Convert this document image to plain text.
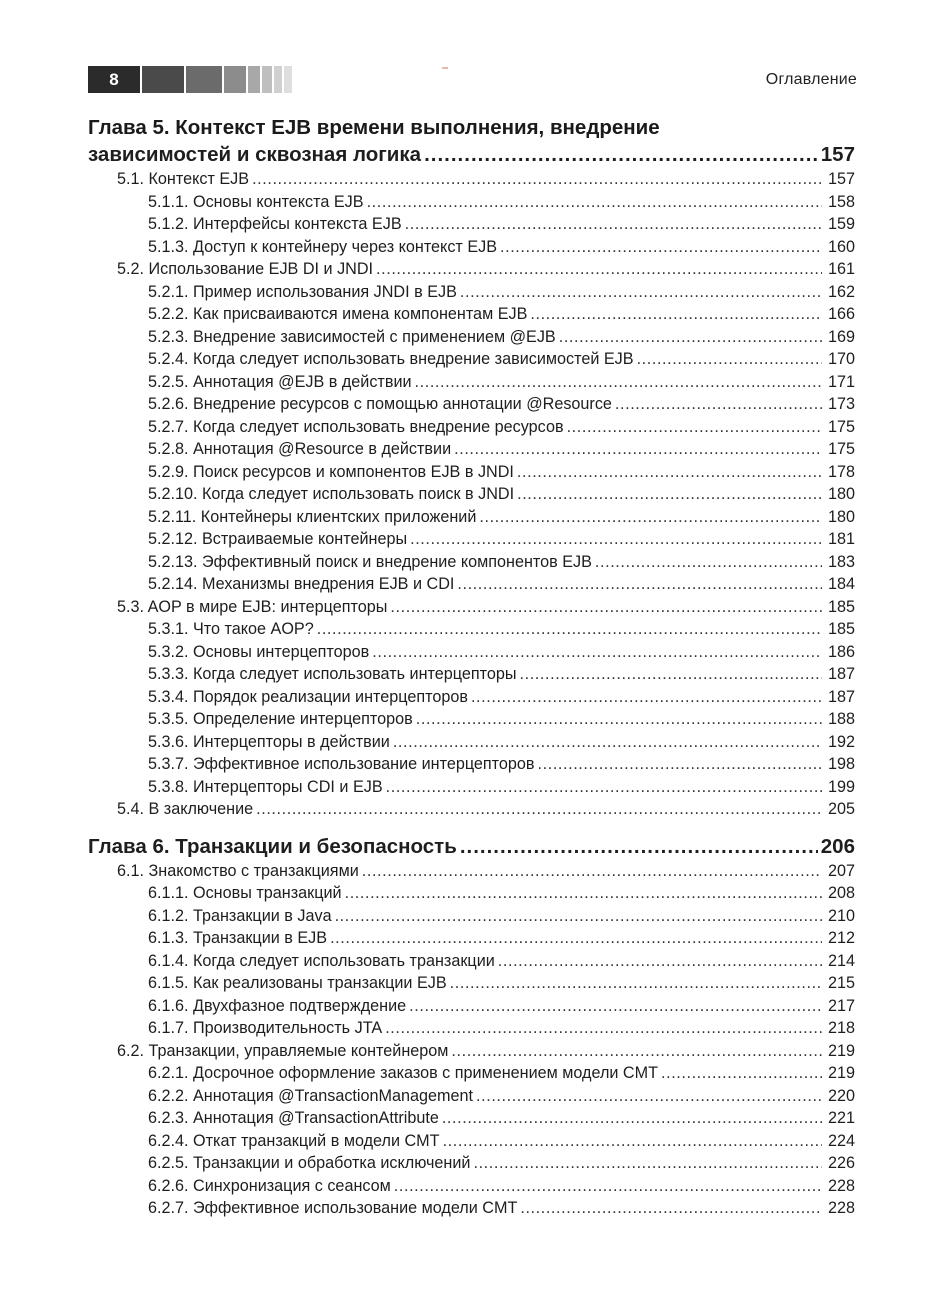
8	Оглавление
Глава 5. Контекст EJB времени выполнения, внедрение
зависимостей и сквозная логика .....	157
5.1. Контекст EJB .....	157
5.1.1. Основы контекста EJB .....	158
5.1.2. Интерфейсы контекста EJB .....	159
5.1.3. Доступ к контейнеру через контекст EJB .....	160
5.2. Использование EJB DI и JNDI .....	161
5.2.1. Пример использования JNDI в EJB .....	162
5.2.2. Как присваиваются имена компонентам EJB .....	166
5.2.3. Внедрение зависимостей с применением @EJB .....	169
5.2.4. Когда следует использовать внедрение зависимостей EJB .....	170
5.2.5. Аннотация @EJB в действии .....	171
5.2.6. Внедрение ресурсов с помощью аннотации @Resource .....	173
5.2.7. Когда следует использовать внедрение ресурсов .....	175
5.2.8. Аннотация @Resource в действии .....	175
5.2.9. Поиск ресурсов и компонентов EJB в JNDI .....	178
5.2.10. Когда следует использовать поиск в JNDI .....	180
5.2.11. Контейнеры клиентских приложений .....	180
5.2.12. Встраиваемые контейнеры .....	181
5.2.13. Эффективный поиск и внедрение компонентов EJB .....	183
5.2.14. Механизмы внедрения EJB и CDI .....	184
5.3. AOP в мире EJB: интерцепторы .....	185
5.3.1. Что такое AOP? .....	185
5.3.2. Основы интерцепторов .....	186
5.3.3. Когда следует использовать интерцепторы .....	187
5.3.4. Порядок реализации интерцепторов .....	187
5.3.5. Определение интерцепторов .....	188
5.3.6. Интерцепторы в действии .....	192
5.3.7. Эффективное использование интерцепторов .....	198
5.3.8. Интерцепторы CDI и EJB .....	199
5.4. В заключение .....	205
Глава 6. Транзакции и безопасность .....	206
6.1. Знакомство с транзакциями .....	207
6.1.1. Основы транзакций .....	208
6.1.2. Транзакции в Java .....	210
6.1.3. Транзакции в EJB .....	212
6.1.4. Когда следует использовать транзакции .....	214
6.1.5. Как реализованы транзакции EJB .....	215
6.1.6. Двухфазное подтверждение .....	217
6.1.7. Производительность JTA .....	218
6.2. Транзакции, управляемые контейнером .....	219
6.2.1. Досрочное оформление заказов с применением модели CMT .....	219
6.2.2. Аннотация @TransactionManagement .....	220
6.2.3. Аннотация @TransactionAttribute .....	221
6.2.4. Откат транзакций в модели CMT .....	224
6.2.5. Транзакции и обработка исключений .....	226
6.2.6. Синхронизация с сеансом .....	228
6.2.7. Эффективное использование модели CMT .....	228
